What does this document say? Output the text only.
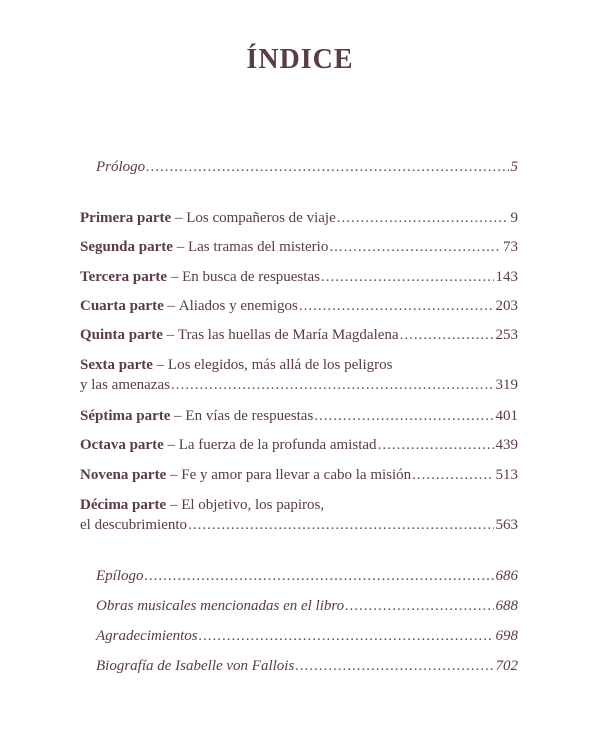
ÍNDICE
Prólogo .....	5
Primera parte – Los compañeros de viaje .....	9
Segunda parte – Las tramas del misterio .....	73
Tercera parte – En busca de respuestas .....	143
Cuarta parte – Aliados y enemigos .....	203
Quinta parte – Tras las huellas de María Magdalena .....	253
Sexta parte – Los elegidos, más allá de los peligros
y las amenazas .....	319
Séptima parte – En vías de respuestas .....	401
Octava parte – La fuerza de la profunda amistad .....	439
Novena parte – Fe y amor para llevar a cabo la misión .....	513
Décima parte – El objetivo, los papiros,
el descubrimiento .....	563
Epílogo .....	686
Obras musicales mencionadas en el libro .....	688
Agradecimientos .....	698
Biografía de Isabelle von Fallois .....	702
